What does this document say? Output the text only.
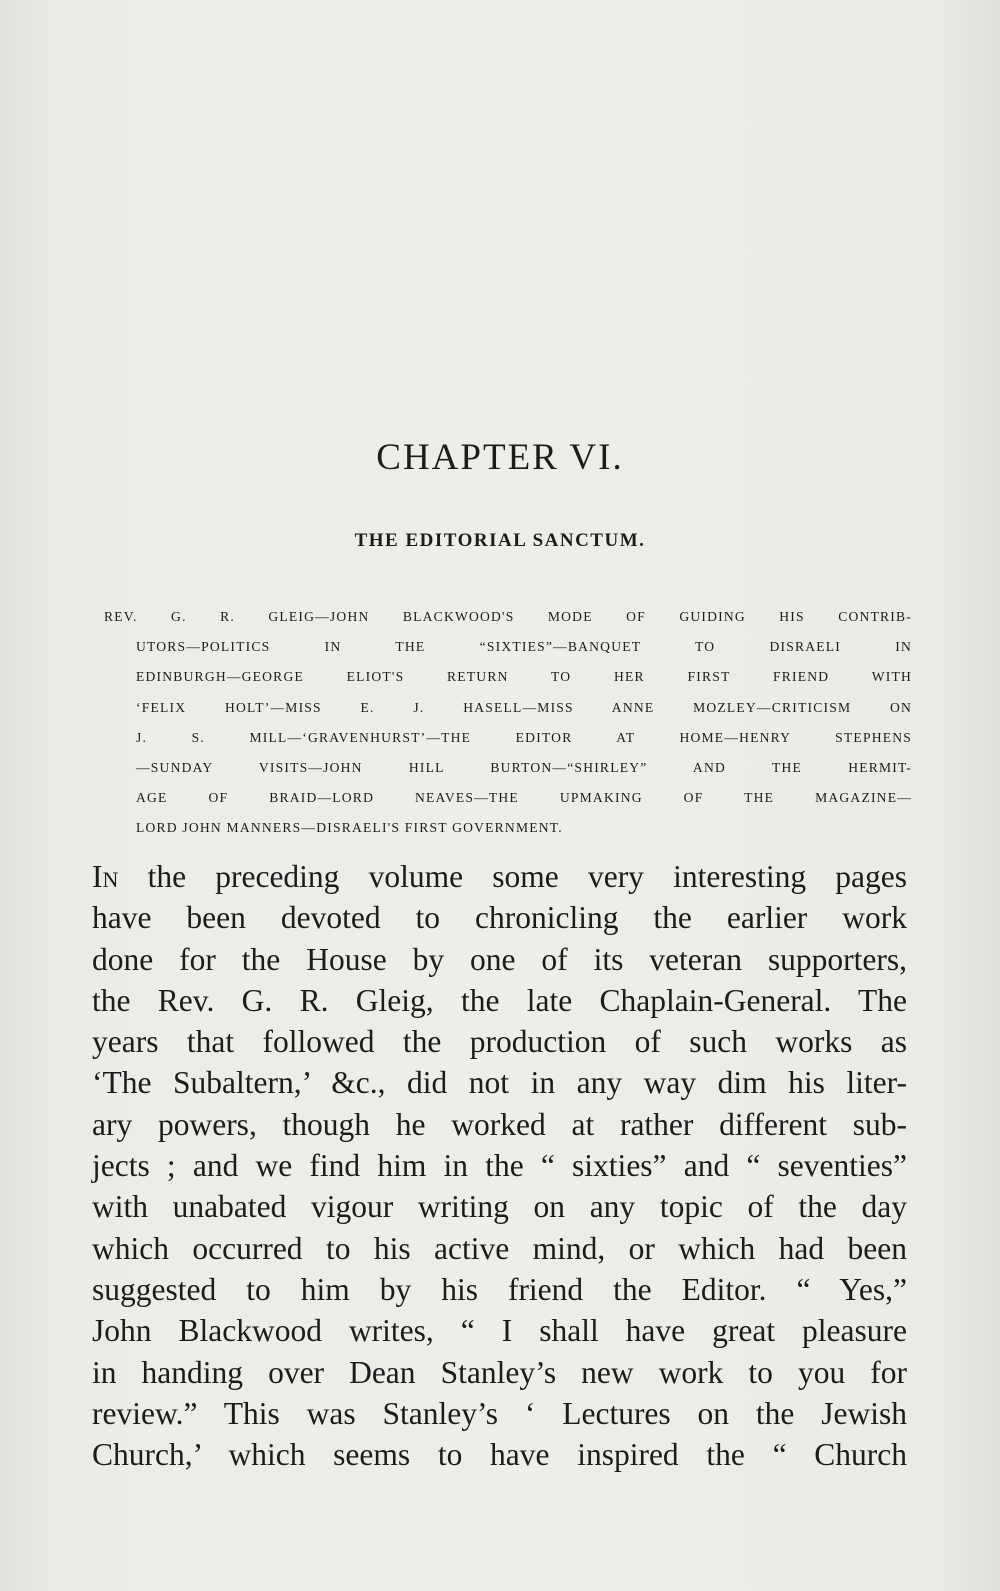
CHAPTER VI.
THE EDITORIAL SANCTUM.
REV. G. R. GLEIG—JOHN BLACKWOOD'S MODE OF GUIDING HIS CONTRIB-
UTORS—POLITICS IN THE “SIXTIES”—BANQUET TO DISRAELI IN
EDINBURGH—GEORGE ELIOT'S RETURN TO HER FIRST FRIEND WITH
‘FELIX HOLT’—MISS E. J. HASELL—MISS ANNE MOZLEY—CRITICISM ON
J. S. MILL—‘GRAVENHURST’—THE EDITOR AT HOME—HENRY STEPHENS
—SUNDAY VISITS—JOHN HILL BURTON—“SHIRLEY” AND THE HERMIT-
AGE OF BRAID—LORD NEAVES—THE UPMAKING OF THE MAGAZINE—
LORD JOHN MANNERS—DISRAELI'S FIRST GOVERNMENT.
In the preceding volume some very interesting pages
have been devoted to chronicling the earlier work
done for the House by one of its veteran supporters,
the Rev. G. R. Gleig, the late Chaplain-General. The
years that followed the production of such works as
‘The Subaltern,’ &c., did not in any way dim his liter-
ary powers, though he worked at rather different sub-
jects ; and we find him in the “ sixties” and “ seventies”
with unabated vigour writing on any topic of the day
which occurred to his active mind, or which had been
suggested to him by his friend the Editor. “ Yes,”
John Blackwood writes, “ I shall have great pleasure
in handing over Dean Stanley’s new work to you for
review.” This was Stanley’s ‘ Lectures on the Jewish
Church,’ which seems to have inspired the “ Church
